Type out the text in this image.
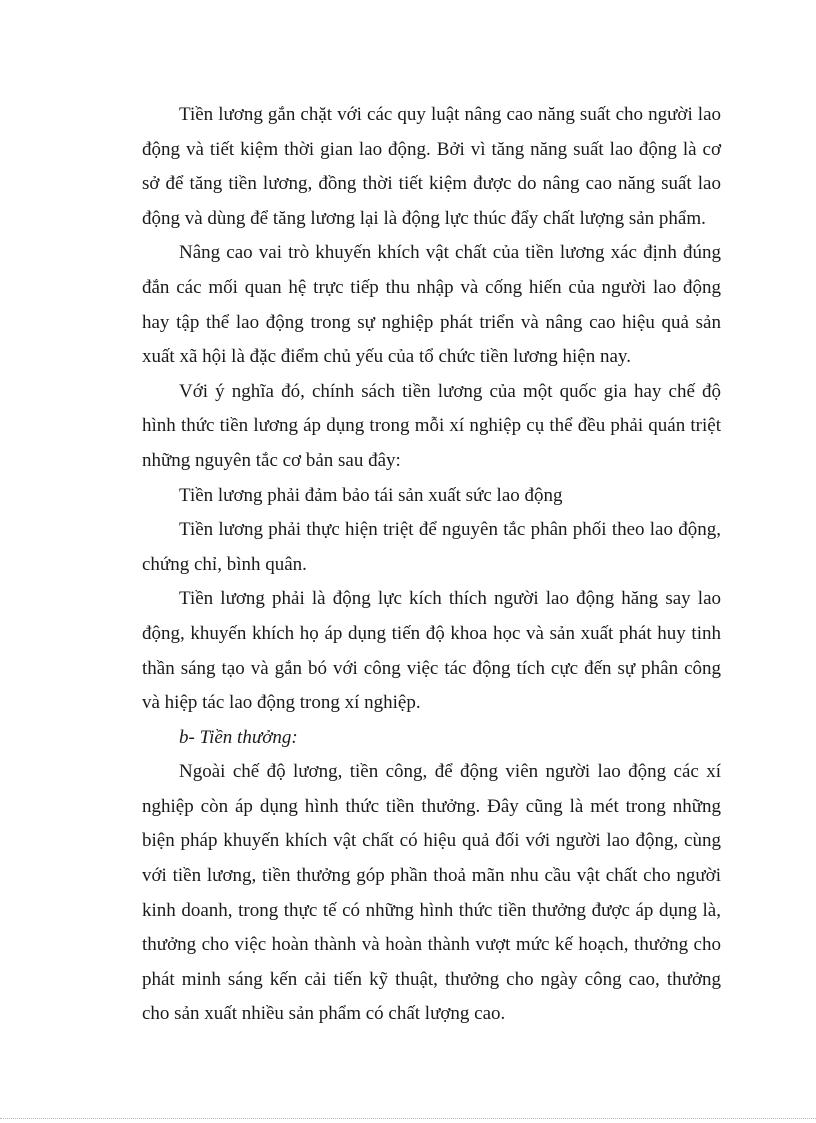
Tiền lương gắn chặt với các quy luật nâng cao năng suất cho người lao động và tiết kiệm thời gian lao động. Bởi vì tăng năng suất lao động là cơ sở để tăng tiền lương, đồng thời tiết kiệm được do nâng cao năng suất lao động và dùng để tăng lương lại là động lực thúc đẩy chất lượng sản phẩm.

Nâng cao vai trò khuyến khích vật chất của tiền lương xác định đúng đắn các mối quan hệ trực tiếp thu nhập và cống hiến của người lao động hay tập thể lao động trong sự nghiệp phát triển và nâng cao hiệu quả sản xuất xã hội là đặc điểm chủ yếu của tổ chức tiền lương hiện nay.

Với ý nghĩa đó, chính sách tiền lương của một quốc gia hay chế độ hình thức tiền lương áp dụng trong mỗi xí nghiệp cụ thể đều phải quán triệt những nguyên tắc cơ bản sau đây:

Tiền lương phải đảm bảo tái sản xuất sức lao động

Tiền lương phải thực hiện triệt để nguyên tắc phân phối theo lao động, chứng chỉ, bình quân.

Tiền lương phải là động lực kích thích người lao động hăng say lao động, khuyến khích họ áp dụng tiến độ khoa học và sản xuất phát huy tinh thần sáng tạo và gắn bó với công việc tác động tích cực đến sự phân công và hiệp tác lao động trong xí nghiệp.

b- Tiền thưởng:

Ngoài chế độ lương, tiền công, để động viên người lao động các xí nghiệp còn áp dụng hình thức tiền thưởng. Đây cũng là mét trong những biện pháp khuyến khích vật chất có hiệu quả đối với người lao động, cùng với tiền lương, tiền thưởng góp phần thoả mãn nhu cầu vật chất cho người kinh doanh, trong thực tế có những hình thức tiền thưởng được áp dụng là, thưởng cho việc hoàn thành và hoàn thành vượt mức kế hoạch, thưởng cho phát minh sáng kến cải tiến kỹ thuật, thưởng cho ngày công cao, thưởng cho sản xuất nhiều sản phẩm có chất lượng cao.
